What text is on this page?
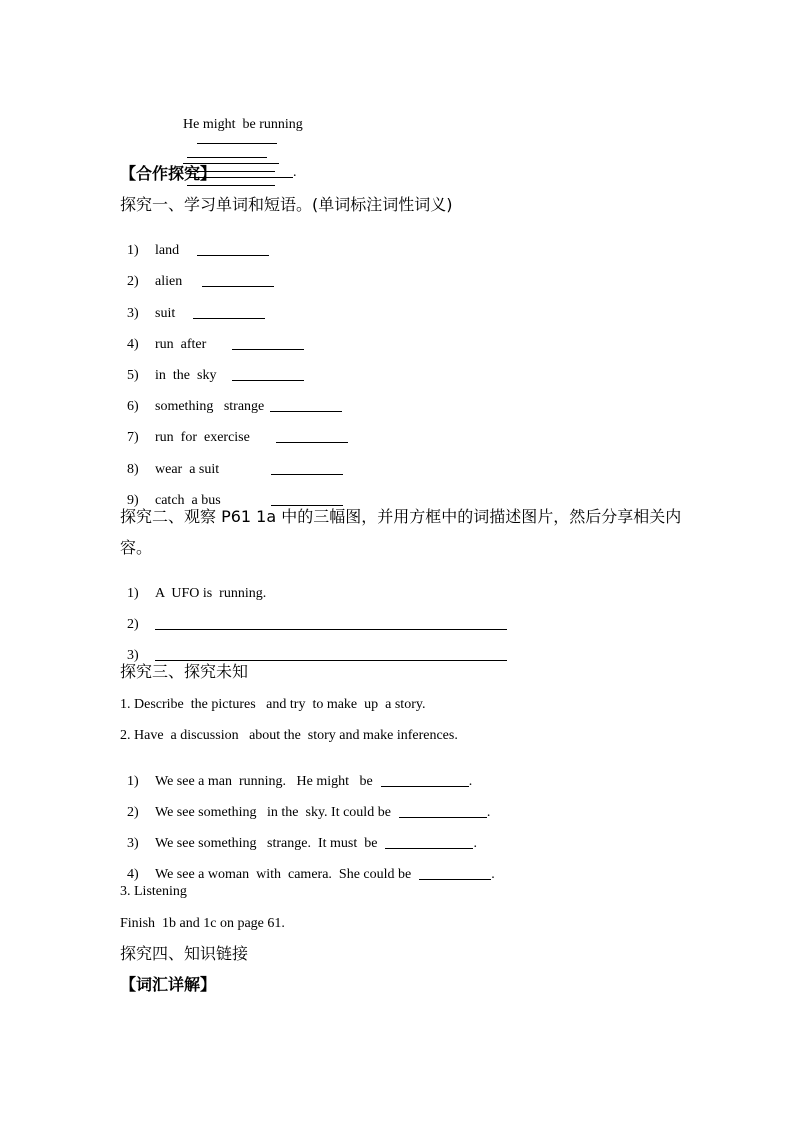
He might  be running

.

【合作探究】
探究一、学习单词和短语。(单词标注词性词义)

1) land

2) alien

3) suit

4) run  after

5) in  the  sky

6) something   strange

7) run  for  exercise

8) wear  a suit

9) catch  a bus

探究二、观察 P61 1a 中的三幅图，并用方框中的词描述图片，然后分享相关内
容。

1) A  UFO is  running.

2)

3)

探究三、探究未知
1. Describe  the pictures   and try  to make  up  a story.
2. Have  a discussion   about the  story and make inferences.

1) We see a man  running.   He might   be	.

2) We see something   in the  sky. It could be	.

3) We see something   strange.  It must  be	.

4) We see a woman  with  camera.  She could be	.

3. Listening
Finish  1b and 1c on page 61.
探究四、知识链接
【词汇详解】
